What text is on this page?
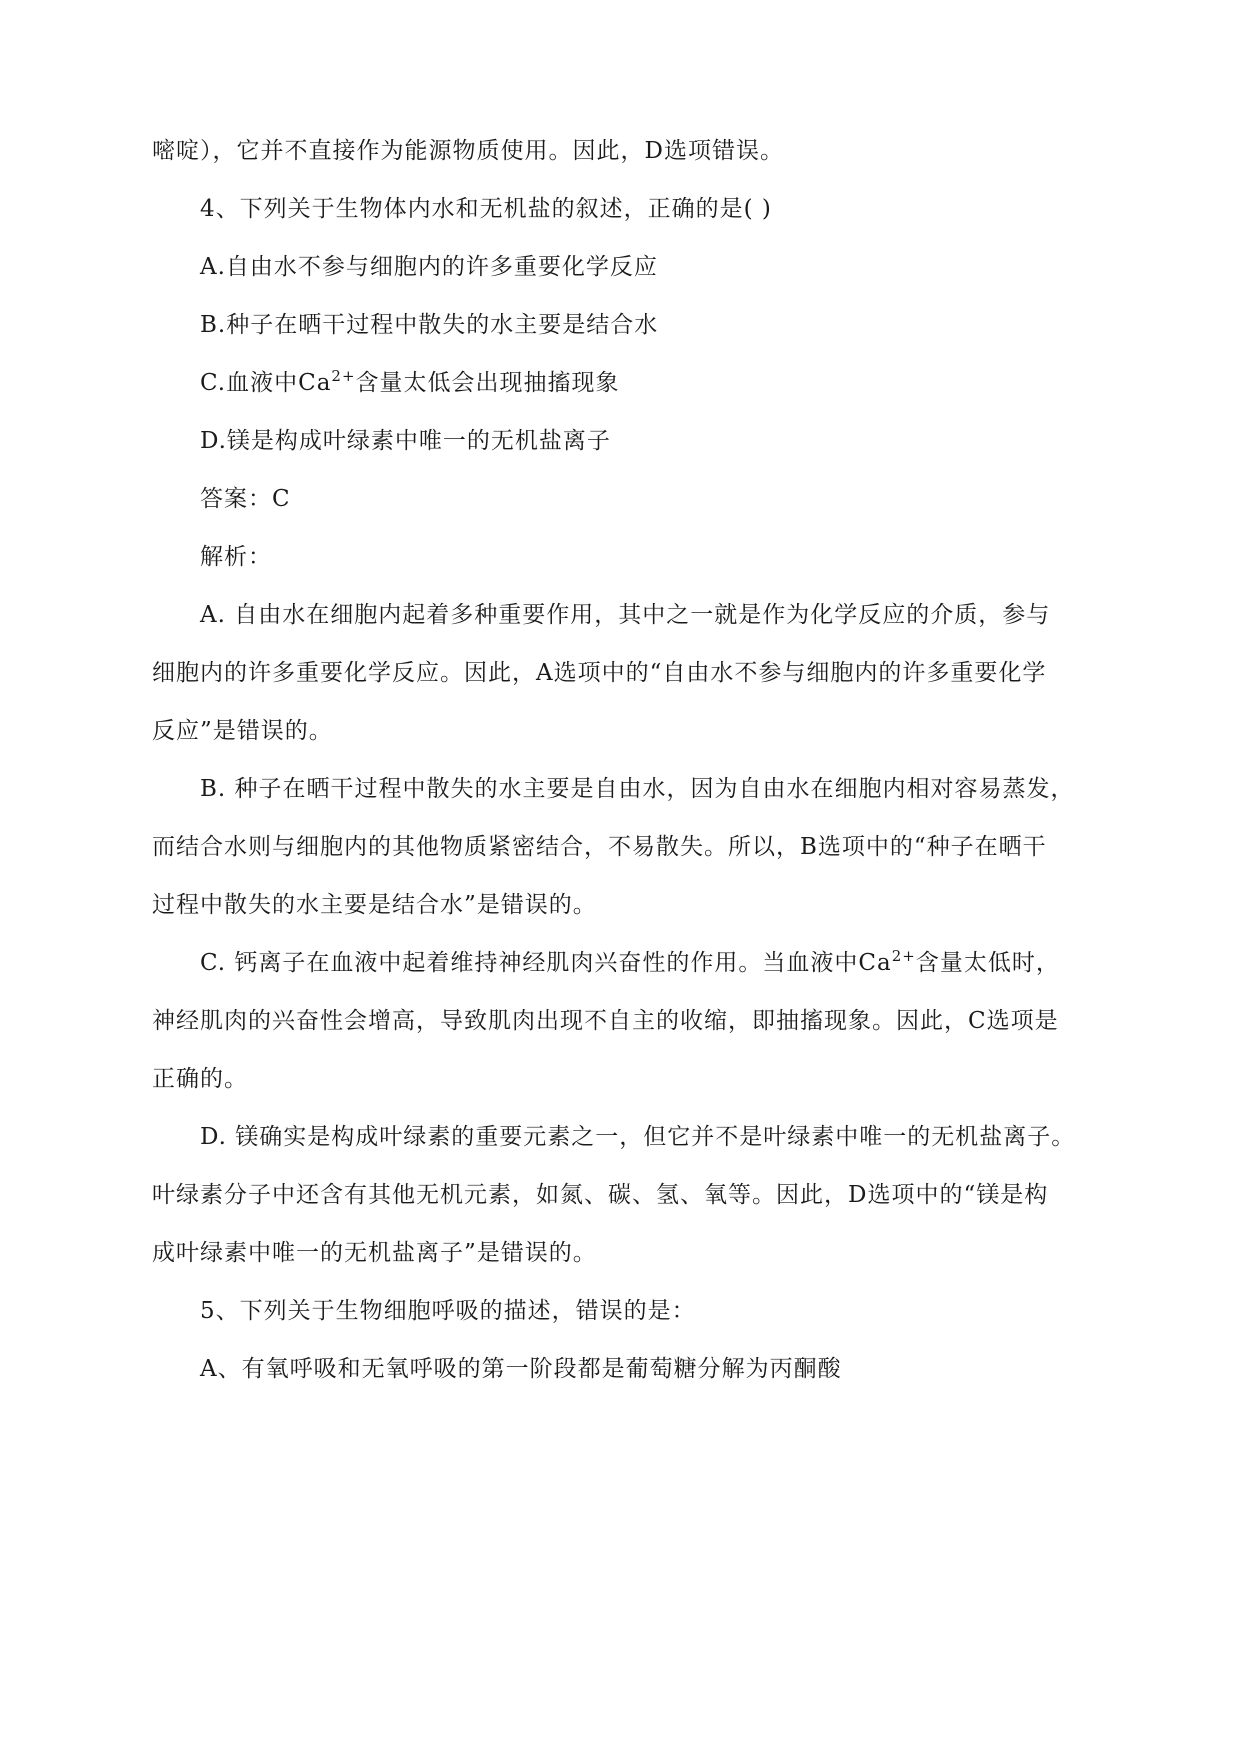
嘧啶），它并不直接作为能源物质使用。因此，D选项错误。
4、下列关于生物体内水和无机盐的叙述，正确的是( )
A.自由水不参与细胞内的许多重要化学反应
B.种子在晒干过程中散失的水主要是结合水
C.血液中$Ca^{2+}$含量太低会出现抽搐现象
D.镁是构成叶绿素中唯一的无机盐离子
答案：C
解析：
A. 自由水在细胞内起着多种重要作用，其中之一就是作为化学反应的介质，参与
细胞内的许多重要化学反应。因此，A选项中的“自由水不参与细胞内的许多重要化学
反应”是错误的。
B. 种子在晒干过程中散失的水主要是自由水，因为自由水在细胞内相对容易蒸发，
而结合水则与细胞内的其他物质紧密结合，不易散失。所以，B选项中的“种子在晒干
过程中散失的水主要是结合水”是错误的。
C. 钙离子在血液中起着维持神经肌肉兴奋性的作用。当血液中$Ca^{2+}$含量太低时，
神经肌肉的兴奋性会增高，导致肌肉出现不自主的收缩，即抽搐现象。因此，C选项是
正确的。
D. 镁确实是构成叶绿素的重要元素之一，但它并不是叶绿素中唯一的无机盐离子。
叶绿素分子中还含有其他无机元素，如氮、碳、氢、氧等。因此，D选项中的“镁是构
成叶绿素中唯一的无机盐离子”是错误的。
5、下列关于生物细胞呼吸的描述，错误的是：
A、有氧呼吸和无氧呼吸的第一阶段都是葡萄糖分解为丙酮酸
